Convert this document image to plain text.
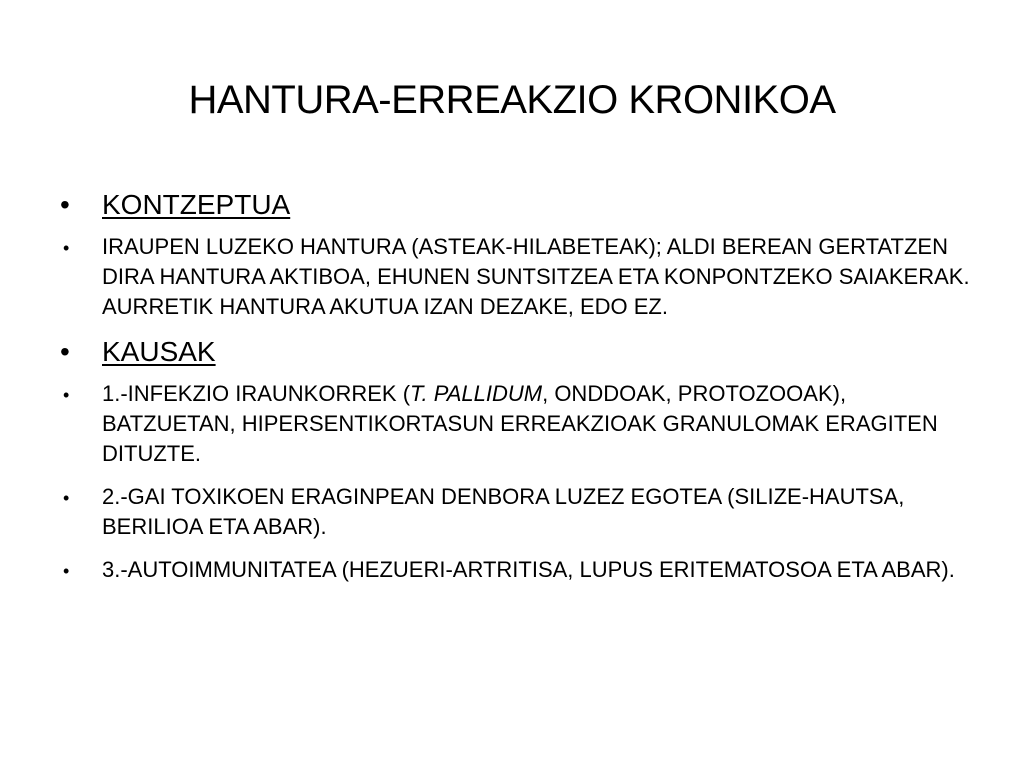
HANTURA-ERREAKZIO KRONIKOA
• KONTZEPTUA
• IRAUPEN LUZEKO HANTURA (ASTEAK-HILABETEAK); ALDI BEREAN GERTATZEN DIRA HANTURA AKTIBOA, EHUNEN SUNTSITZEA ETA KONPONTZEKO SAIAKERAK. AURRETIK HANTURA AKUTUA IZAN DEZAKE, EDO EZ.
• KAUSAK
• 1.-INFEKZIO IRAUNKORREK (T. PALLIDUM, ONDDOAK, PROTOZOOAK), BATZUETAN, HIPERSENTIKORTASUN ERREAKZIOAK GRANULOMAK ERAGITEN DITUZTE.
• 2.-GAI TOXIKOEN ERAGINPEAN DENBORA LUZEZ EGOTEA (SILIZE-HAUTSA, BERILIOA ETA ABAR).
• 3.-AUTOIMMUNITATEA (HEZUERI-ARTRITISA, LUPUS ERITEMATOSOA ETA ABAR).
